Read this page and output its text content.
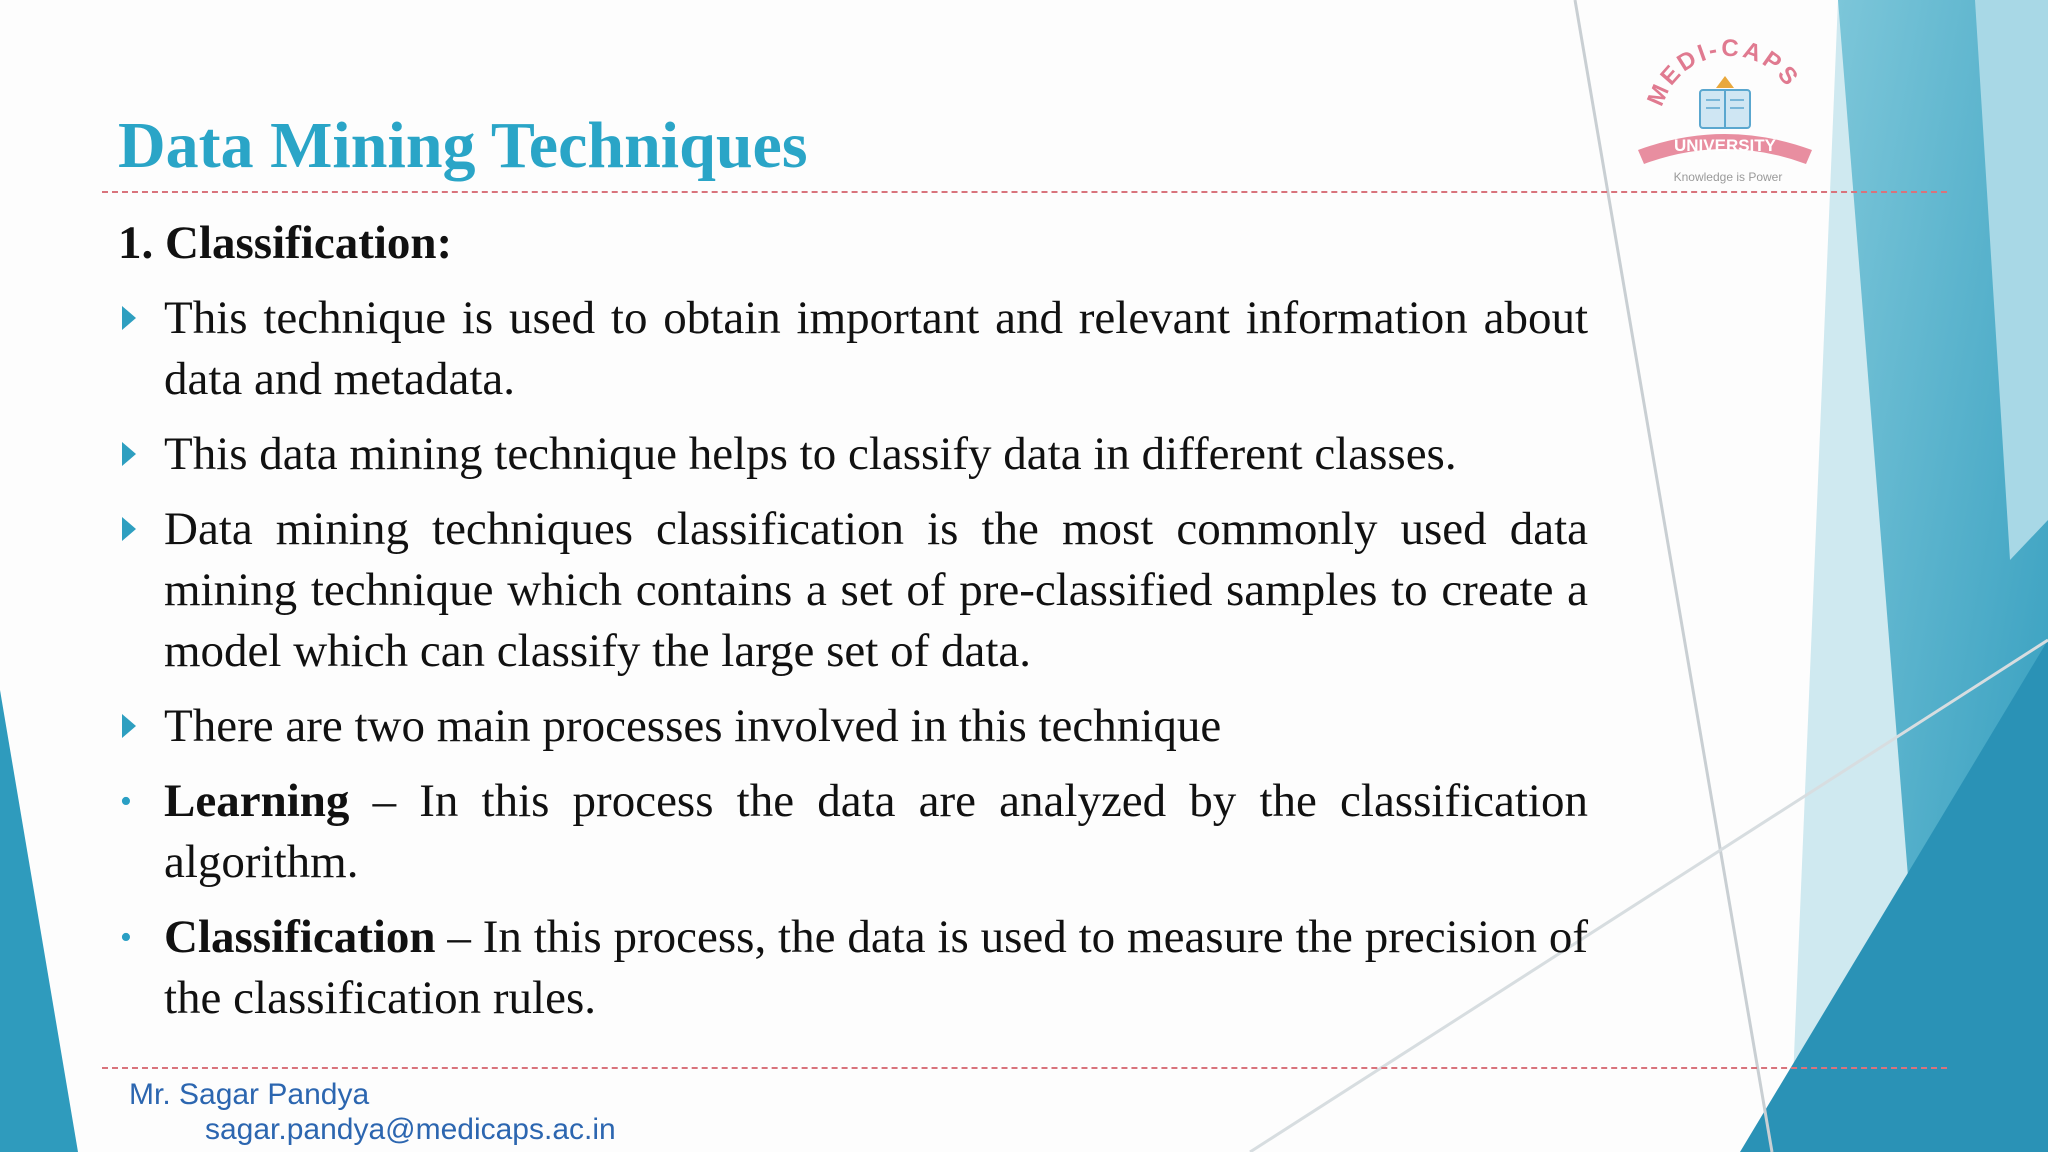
MEDI-CAPS
UNIVERSITY
Knowledge is Power
Data Mining Techniques
1. Classification:
This technique is used to obtain important and relevant information about data and metadata.
This data mining technique helps to classify data in different classes.
Data mining techniques classification is the most commonly used data mining technique which contains a set of pre-classified samples to create a model which can classify the large set of data.
There are two main processes involved in this technique
• Learning – In this process the data are analyzed by the classification algorithm.
• Classification – In this process, the data is used to measure the precision of the classification rules.
Mr. Sagar Pandya
sagar.pandya@medicaps.ac.in
